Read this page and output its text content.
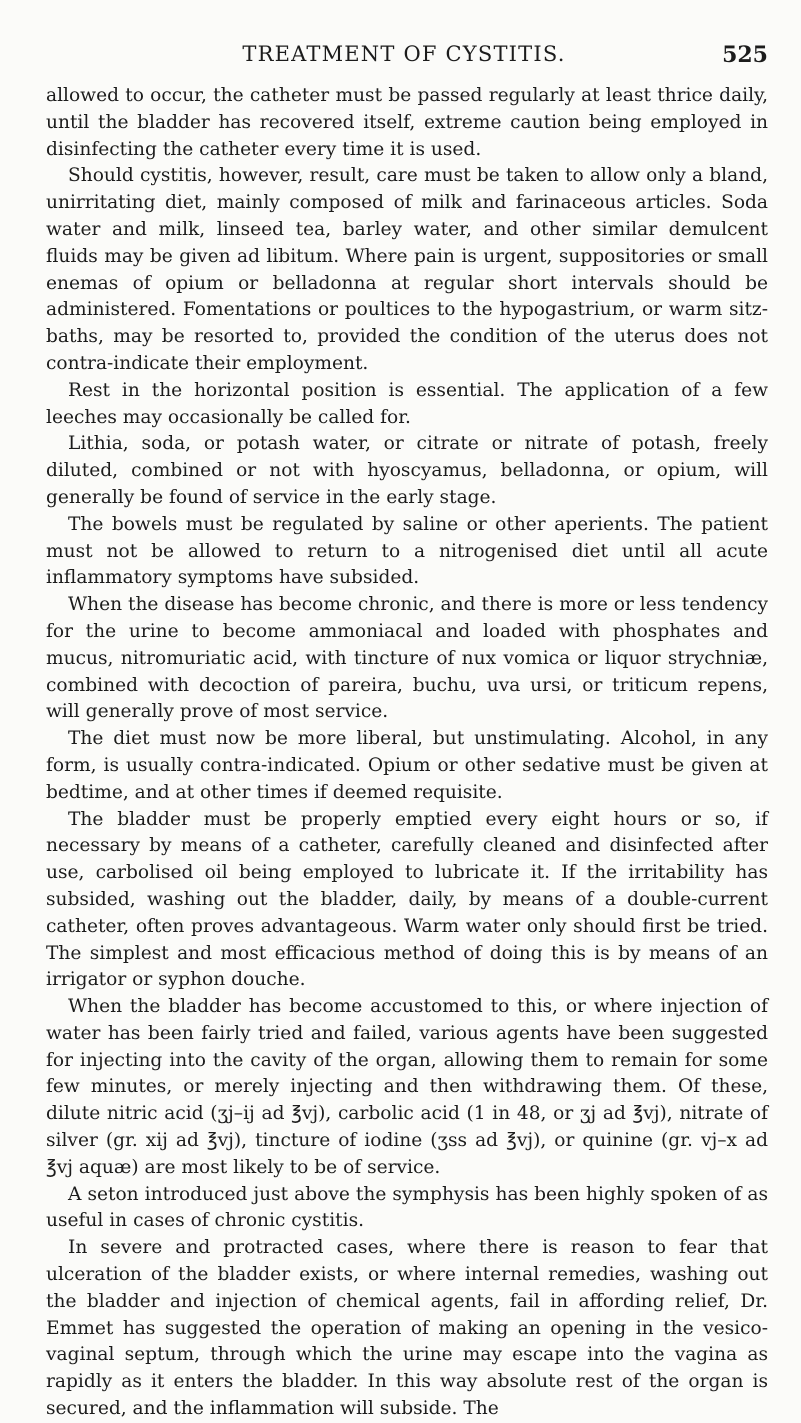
TREATMENT OF CYSTITIS.	525

allowed to occur, the catheter must be passed regularly at least thrice daily, until the bladder has recovered itself, extreme caution being employed in disinfecting the catheter every time it is used.

Should cystitis, however, result, care must be taken to allow only a bland, unirritating diet, mainly composed of milk and farinaceous articles. Soda water and milk, linseed tea, barley water, and other similar demulcent fluids may be given ad libitum. Where pain is urgent, suppositories or small enemas of opium or belladonna at regular short intervals should be administered. Fomentations or poultices to the hypogastrium, or warm sitz-baths, may be resorted to, provided the condition of the uterus does not contra-indicate their employment.

Rest in the horizontal position is essential. The application of a few leeches may occasionally be called for.

Lithia, soda, or potash water, or citrate or nitrate of potash, freely diluted, combined or not with hyoscyamus, belladonna, or opium, will generally be found of service in the early stage.

The bowels must be regulated by saline or other aperients. The patient must not be allowed to return to a nitrogenised diet until all acute inflammatory symptoms have subsided.

When the disease has become chronic, and there is more or less tendency for the urine to become ammoniacal and loaded with phosphates and mucus, nitromuriatic acid, with tincture of nux vomica or liquor strychniæ, combined with decoction of pareira, buchu, uva ursi, or triticum repens, will generally prove of most service.

The diet must now be more liberal, but unstimulating. Alcohol, in any form, is usually contra-indicated. Opium or other sedative must be given at bedtime, and at other times if deemed requisite.

The bladder must be properly emptied every eight hours or so, if necessary by means of a catheter, carefully cleaned and disinfected after use, carbolised oil being employed to lubricate it. If the irritability has subsided, washing out the bladder, daily, by means of a double-current catheter, often proves advantageous. Warm water only should first be tried. The simplest and most efficacious method of doing this is by means of an irrigator or syphon douche.

When the bladder has become accustomed to this, or where injection of water has been fairly tried and failed, various agents have been suggested for injecting into the cavity of the organ, allowing them to remain for some few minutes, or merely injecting and then withdrawing them. Of these, dilute nitric acid (ʒj–ij ad ℥vj), carbolic acid (1 in 48, or ʒj ad ℥vj), nitrate of silver (gr. xij ad ℥vj), tincture of iodine (ʒss ad ℥vj), or quinine (gr. vj–x ad ℥vj aquæ) are most likely to be of service.

A seton introduced just above the symphysis has been highly spoken of as useful in cases of chronic cystitis.

In severe and protracted cases, where there is reason to fear that ulceration of the bladder exists, or where internal remedies, washing out the bladder and injection of chemical agents, fail in affording relief, Dr. Emmet has suggested the operation of making an opening in the vesico-vaginal septum, through which the urine may escape into the vagina as rapidly as it enters the bladder. In this way absolute rest of the organ is secured, and the inflammation will subside. The
